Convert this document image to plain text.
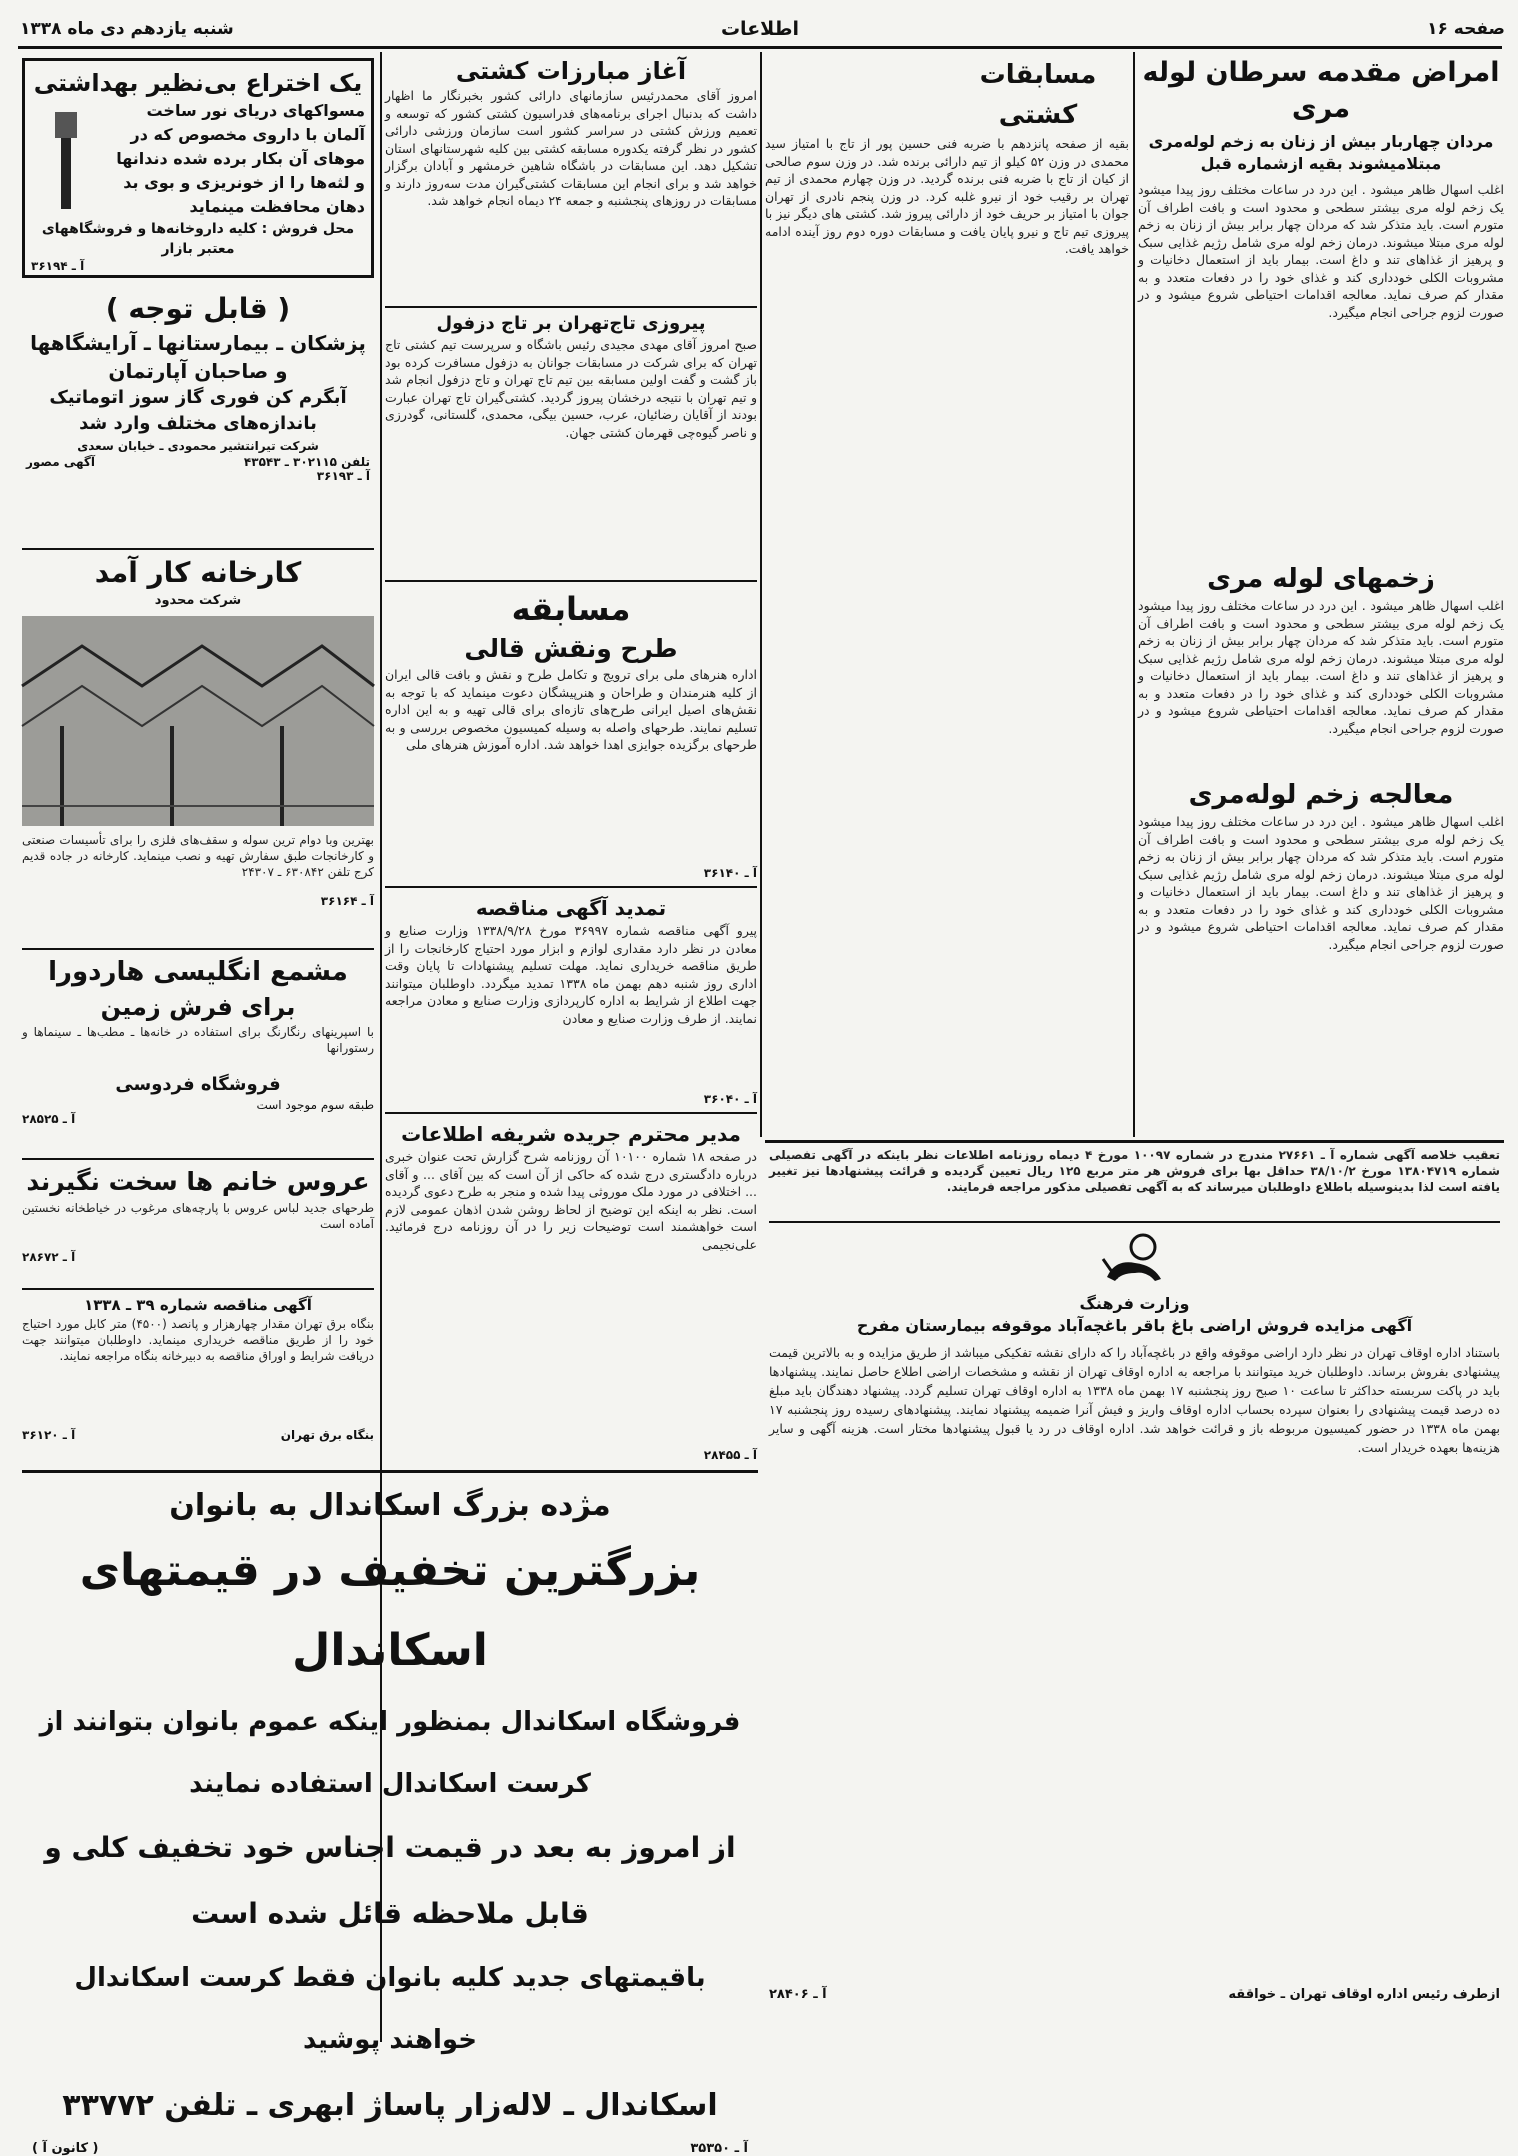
صفحه ۱۶
اطلاعات
شنبه یازدهم دی ماه ۱۳۳۸
امراض مقدمه سرطان لوله مری
مردان چهاربار بیش از زنان به زخم لوله‌مری مبتلامیشوند بقیه ازشماره قبل
اغلب اسهال ظاهر میشود . این درد در ساعات مختلف روز پیدا میشود یک زخم لوله مری بیشتر سطحی و محدود است و بافت اطراف آن متورم است. باید متذکر شد که مردان چهار برابر بیش از زنان به زخم لوله مری مبتلا میشوند. درمان زخم لوله مری شامل رژیم غذایی سبک و پرهیز از غذاهای تند و داغ است. بیمار باید از استعمال دخانیات و مشروبات الکلی خودداری کند و غذای خود را در دفعات متعدد و به مقدار کم صرف نماید. معالجه اقدامات احتیاطی شروع میشود و در صورت لزوم جراحی انجام میگیرد.
زخمهای لوله مری
اغلب اسهال ظاهر میشود . این درد در ساعات مختلف روز پیدا میشود یک زخم لوله مری بیشتر سطحی و محدود است و بافت اطراف آن متورم است. باید متذکر شد که مردان چهار برابر بیش از زنان به زخم لوله مری مبتلا میشوند. درمان زخم لوله مری شامل رژیم غذایی سبک و پرهیز از غذاهای تند و داغ است. بیمار باید از استعمال دخانیات و مشروبات الکلی خودداری کند و غذای خود را در دفعات متعدد و به مقدار کم صرف نماید. معالجه اقدامات احتیاطی شروع میشود و در صورت لزوم جراحی انجام میگیرد.
معالجه زخم لوله‌مری
اغلب اسهال ظاهر میشود . این درد در ساعات مختلف روز پیدا میشود یک زخم لوله مری بیشتر سطحی و محدود است و بافت اطراف آن متورم است. باید متذکر شد که مردان چهار برابر بیش از زنان به زخم لوله مری مبتلا میشوند. درمان زخم لوله مری شامل رژیم غذایی سبک و پرهیز از غذاهای تند و داغ است. بیمار باید از استعمال دخانیات و مشروبات الکلی خودداری کند و غذای خود را در دفعات متعدد و به مقدار کم صرف نماید. معالجه اقدامات احتیاطی شروع میشود و در صورت لزوم جراحی انجام میگیرد.
مسابقات کشتی
بقیه از صفحه پانزدهم با ضربه فنی حسین پور از تاج با امتیاز سید محمدی در وزن ۵۲ کیلو از تیم دارائی برنده شد. در وزن سوم صالحی از کیان از تاج با ضربه فنی برنده گردید. در وزن چهارم محمدی از تیم تهران بر رقیب خود از نیرو غلبه کرد. در وزن پنجم نادری از تهران جوان با امتیاز بر حریف خود از دارائی پیروز شد. کشتی های دیگر نیز با پیروزی تیم تاج و نیرو پایان یافت و مسابقات دوره دوم روز آینده ادامه خواهد یافت.
آغاز مبارزات کشتی
امروز آقای محمدرئیس سازمانهای دارائی کشور بخبرنگار ما اظهار داشت که بدنبال اجرای برنامه‌های فدراسیون کشتی کشور که توسعه و تعمیم ورزش کشتی در سراسر کشور است سازمان ورزشی دارائی کشور در نظر گرفته یکدوره مسابقه کشتی بین کلیه شهرستانهای استان تشکیل دهد. این مسابقات در باشگاه شاهین خرمشهر و آبادان برگزار خواهد شد و برای انجام این مسابقات کشتی‌گیران مدت سه‌روز دارند و مسابقات در روزهای پنجشنبه و جمعه ۲۴ دیماه انجام خواهد شد.
پیروزی تاج‌تهران بر تاج دزفول
صبح امروز آقای مهدی مجیدی رئیس باشگاه و سرپرست تیم کشتی تاج تهران که برای شرکت در مسابقات جوانان به دزفول مسافرت کرده بود باز گشت و گفت اولین مسابقه بین تیم تاج تهران و تاج دزفول انجام شد و تیم تهران با نتیجه درخشان پیروز گردید. کشتی‌گیران تاج تهران عبارت بودند از آقایان رضائیان، عرب، حسین بیگی، محمدی، گلستانی، گودرزی و ناصر گیوه‌چی قهرمان کشتی جهان.
مسابقه
طرح ونقش قالی
اداره هنرهای ملی برای ترویج و تکامل طرح و نقش و بافت قالی ایران از کلیه هنرمندان و طراحان و هنرپیشگان دعوت مینماید که با توجه به نقش‌های اصیل ایرانی طرح‌های تازه‌ای برای قالی تهیه و به این اداره تسلیم نمایند. طرحهای واصله به وسیله کمیسیون مخصوص بررسی و به طرحهای برگزیده جوایزی اهدا خواهد شد. اداره آموزش هنرهای ملی
آ ـ ۳۶۱۴۰
تمدید آگهی مناقصه
پیرو آگهی مناقصه شماره ۳۶۹۹۷ مورخ ۱۳۳۸/۹/۲۸ وزارت صنایع و معادن در نظر دارد مقداری لوازم و ابزار مورد احتیاج کارخانجات را از طریق مناقصه خریداری نماید. مهلت تسلیم پیشنهادات تا پایان وقت اداری روز شنبه دهم بهمن ماه ۱۳۳۸ تمدید میگردد. داوطلبان میتوانند جهت اطلاع از شرایط به اداره کارپردازی وزارت صنایع و معادن مراجعه نمایند. از طرف وزارت صنایع و معادن
آ ـ ۳۶۰۴۰
مدیر محترم جریده شریفه اطلاعات
در صفحه ۱۸ شماره ۱۰۱۰۰ آن روزنامه شرح گزارش تحت عنوان خبری درباره دادگستری درج شده که حاکی از آن است که بین آقای ... و آقای ... اختلافی در مورد ملک موروثی پیدا شده و منجر به طرح دعوی گردیده است. نظر به اینکه این توضیح از لحاظ روشن شدن اذهان عمومی لازم است خواهشمند است توضیحات زیر را در آن روزنامه درج فرمائید. علی‌نجیمی
آ ـ ۲۸۴۵۵
یک اختراع بی‌نظیر بهداشتی
مسواکهای دریای نور ساخت آلمان با داروی مخصوص که در موهای آن بکار برده شده دندانها و لثه‌ها را از خونریزی و بوی بد دهان محافظت مینماید
محل فروش : کلیه داروخانه‌ها و فروشگاههای معتبر بازار
آ ـ ۳۶۱۹۴
( قابل توجه )
پزشکان ـ بیمارستانها ـ آرایشگاهها
و صاحبان آپارتمان
آبگرم کن فوری گاز سوز اتوماتیک
باندازه‌های مختلف وارد شد
شرکت تیرانتشیر محمودی ـ خیابان سعدی
تلفن ۳۰۲۱۱۵ ـ ۴۳۵۴۳
آگهی مصور
آ ـ ۳۶۱۹۳
کارخانه کار آمد
شرکت محدود
بهترین وبا دوام ترین سوله و سقف‌های فلزی را برای تأسیسات صنعتی و کارخانجات طبق سفارش تهیه و نصب مینماید. کارخانه در جاده قدیم کرج تلفن ۶۳۰۸۴۲ ـ ۲۴۳۰۷
آ ـ ۳۶۱۶۴
مشمع انگلیسی هاردورا
برای فرش زمین
با اسپرینهای رنگارنگ برای استفاده در خانه‌ها ـ مطب‌ها ـ سینماها و رستورانها
فروشگاه فردوسی
طبقه سوم موجود است
آ ـ ۲۸۵۲۵
عروس خانم ها سخت نگیرند
طرحهای جدید لباس عروس با پارچه‌های مرغوب در خیاطخانه نخستین آماده است
آ ـ ۲۸۶۷۲
آگهی مناقصه شماره ۳۹ ـ ۱۳۳۸
بنگاه برق تهران مقدار چهارهزار و پانصد (۴۵۰۰) متر کابل مورد احتیاج خود را از طریق مناقصه خریداری مینماید. داوطلبان میتوانند جهت دریافت شرایط و اوراق مناقصه به دبیرخانه بنگاه مراجعه نمایند.
بنگاه برق تهران
آ ـ ۳۶۱۲۰
مژده بزرگ اسکاندال به بانوان
بزرگترین تخفیف در قیمتهای اسکاندال
فروشگاه اسکاندال بمنظور اینکه عموم بانوان بتوانند از کرست اسکاندال استفاده نمایند
از امروز به بعد در قیمت اجناس خود تخفیف کلی و قابل ملاحظه قائل شده است
باقیمتهای جدید کلیه بانوان فقط کرست اسکاندال خواهند پوشید
اسکاندال ـ لاله‌زار پاساژ ابهری ـ تلفن ۳۳۷۷۲
آ ـ ۳۵۳۵۰
( کانون آ )
تعقیب خلاصه آگهی شماره آ ـ ۲۷۶۶۱ مندرج در شماره ۱۰۰۹۷ مورخ ۴ دیماه روزنامه اطلاعات نظر باینکه در آگهی تفصیلی شماره ۱۳۸۰۴۷۱۹ مورخ ۳۸/۱۰/۲ حداقل بها برای فروش هر متر مربع ۱۲۵ ریال تعیین گردیده و قرائت پیشنهادها نیز تغییر یافته است لذا بدینوسیله باطلاع داوطلبان میرساند که به آگهی تفصیلی مذکور مراجعه فرمایند.
وزارت فرهنگ
آگهی مزایده فروش اراضی باغ باقر باغچه‌آباد موقوفه بیمارستان مفرح
باستناد اداره اوقاف تهران در نظر دارد اراضی موقوفه واقع در باغچه‌آباد را که دارای نقشه تفکیکی میباشد از طریق مزایده و به بالاترین قیمت پیشنهادی بفروش برساند. داوطلبان خرید میتوانند با مراجعه به اداره اوقاف تهران از نقشه و مشخصات اراضی اطلاع حاصل نمایند. پیشنهادها باید در پاکت سربسته حداکثر تا ساعت ۱۰ صبح روز پنجشنبه ۱۷ بهمن ماه ۱۳۳۸ به اداره اوقاف تهران تسلیم گردد. پیشنهاد دهندگان باید مبلغ ده درصد قیمت پیشنهادی را بعنوان سپرده بحساب اداره اوقاف واریز و فیش آنرا ضمیمه پیشنهاد نمایند. پیشنهادهای رسیده روز پنجشنبه ۱۷ بهمن ماه ۱۳۳۸ در حضور کمیسیون مربوطه باز و قرائت خواهد شد. اداره اوقاف در رد یا قبول پیشنهادها مختار است. هزینه آگهی و سایر هزینه‌ها بعهده خریدار است.
ازطرف رئیس اداره اوقاف تهران ـ خواققه
آ ـ ۲۸۴۰۶
